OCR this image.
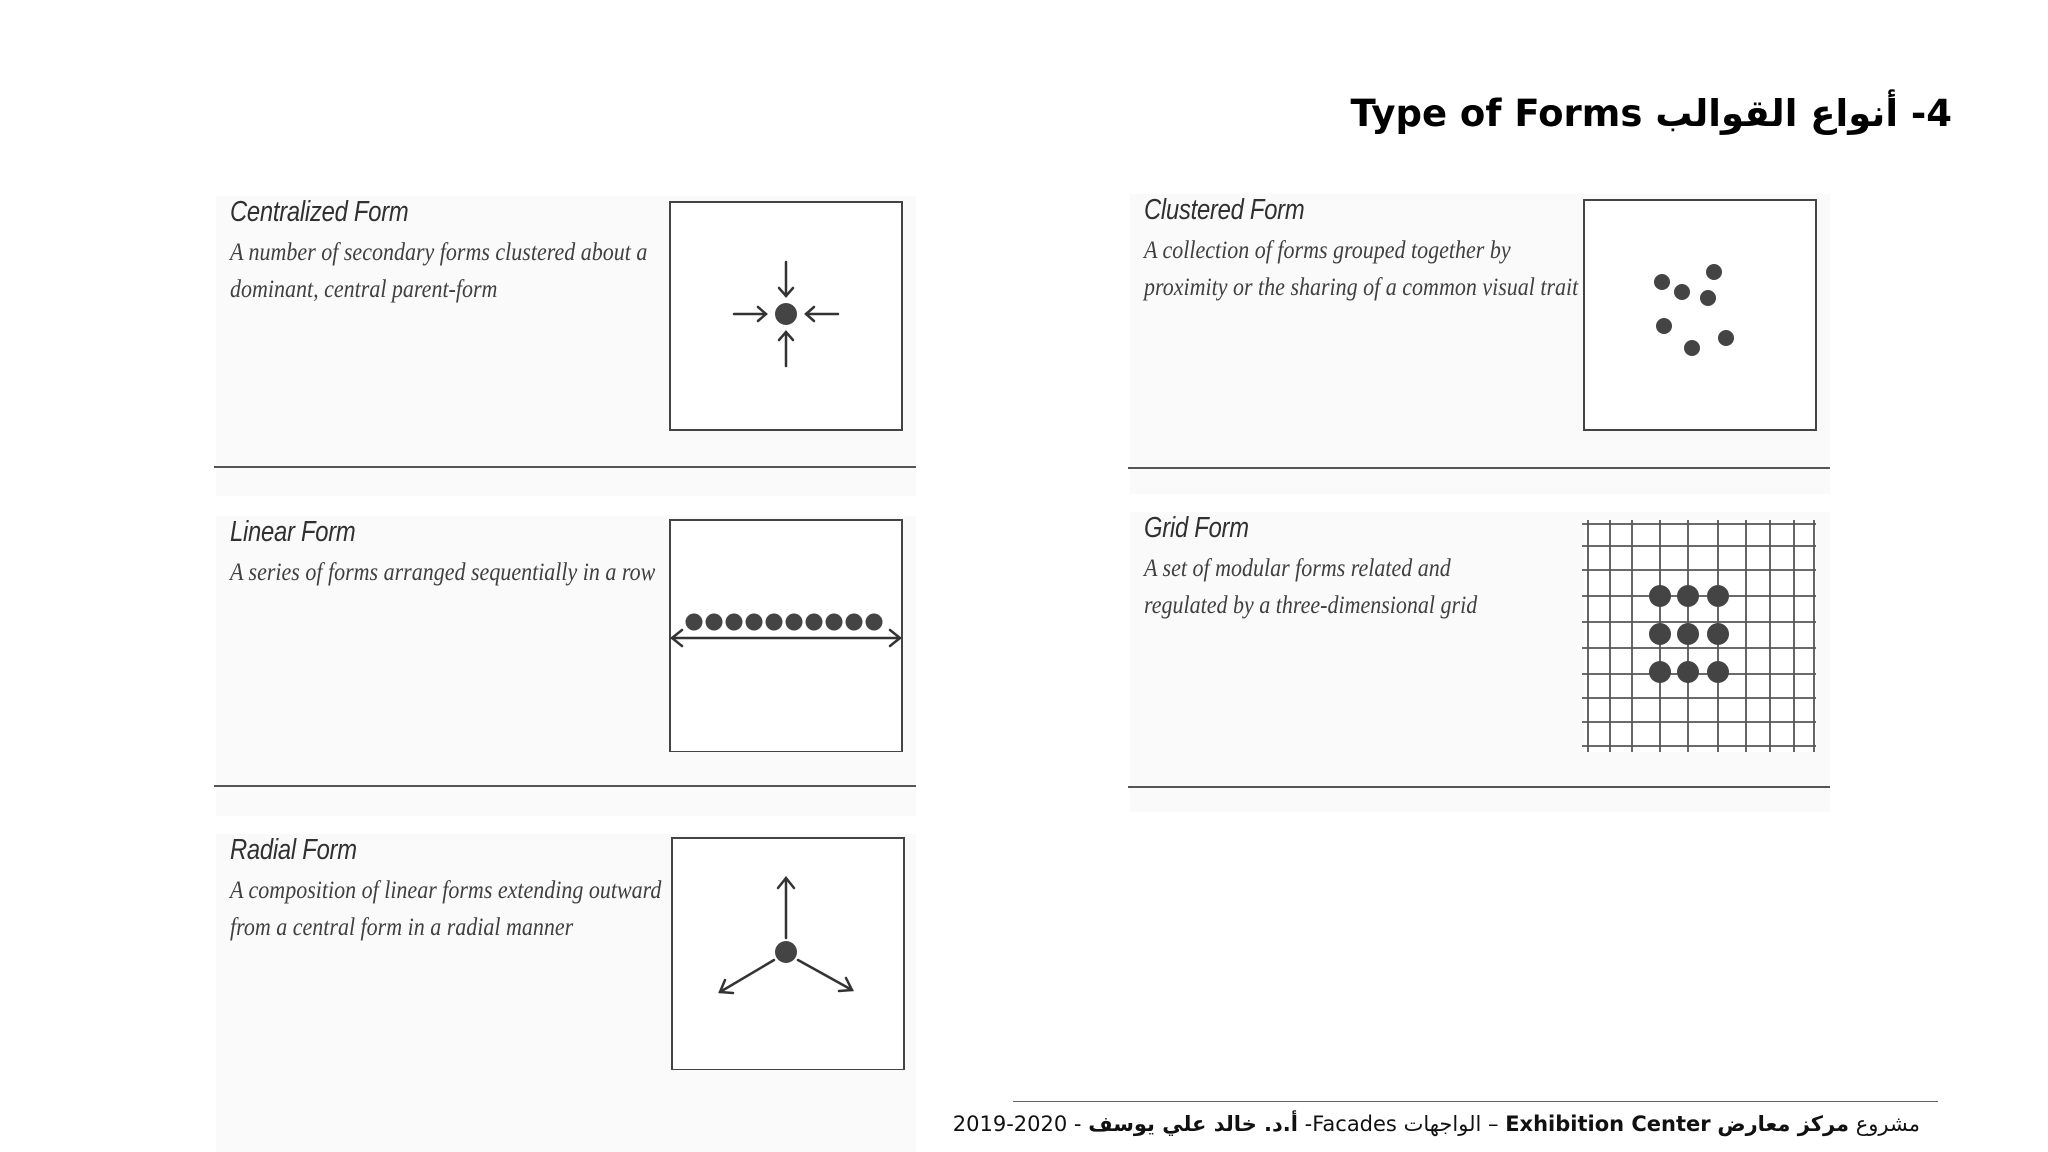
4- أنواع القوالب Type of Forms
Centralized Form
A number of secondary forms clustered about a
dominant, central parent-form
Clustered Form
A collection of forms grouped together by
proximity or the sharing of a common visual trait
Linear Form
A series of forms arranged sequentially in a row
Grid Form
A set of modular forms related and
regulated by a three-dimensional grid
Radial Form
A composition of linear forms extending outward
from a central form in a radial manner
مشروع مركز معارض Exhibition Center – الواجهات Facades- أ.د. خالد علي يوسف - 2020-2019
